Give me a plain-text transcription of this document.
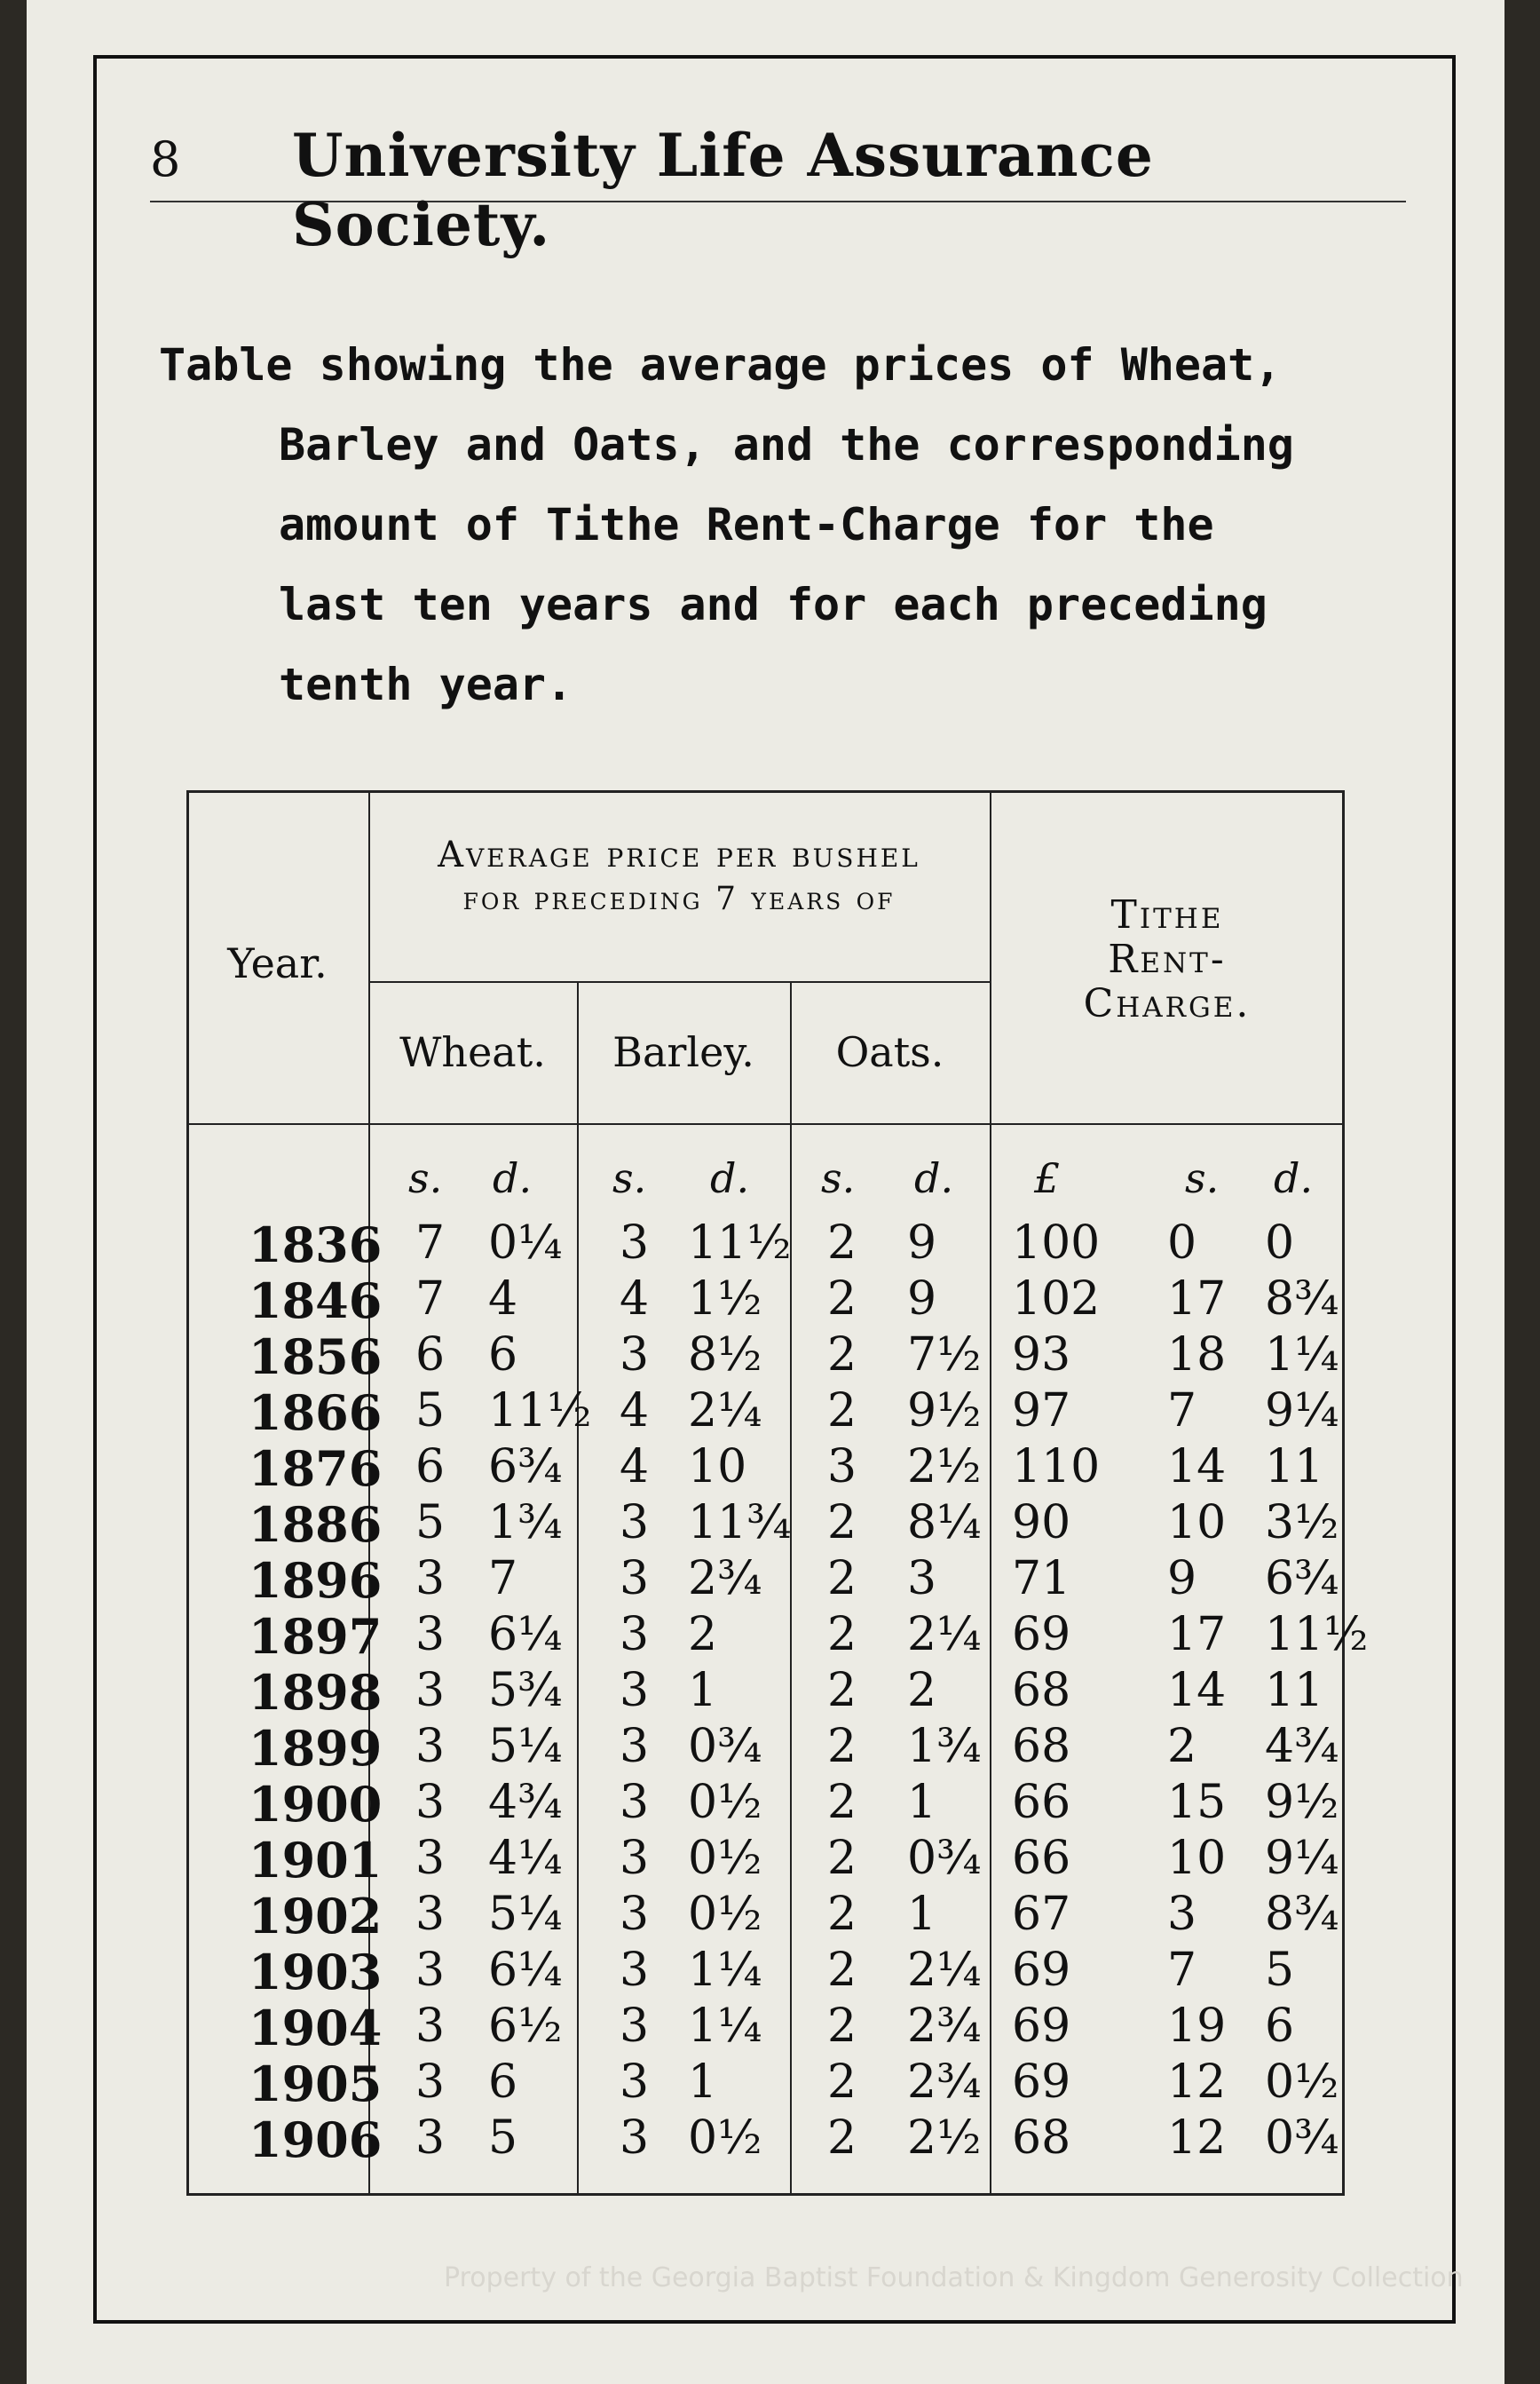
8 University Life Assurance Society.

Table showing the average prices of Wheat, Barley and Oats, and the corresponding amount of Tithe Rent-Charge for the last ten years and for each preceding tenth year.

Year.
Average price per bushel
for preceding 7 years of
Wheat.	Barley.	Oats.
Tithe
Rent-
Charge.
s. d. s. d. s. d. £	s. d.
1836 7 0¼ 3 11½ 2 9 100 0 0
1846 7 4 4 1½ 2 9 102 17 8¾
1856 6 6 3 8½ 2 7½ 93 18 1¼
1866 5 11½ 4 2¼ 2 9½ 97 7 9¼
1876 6 6¾ 4 10 3 2½ 110 14 11
1886 5 1¾ 3 11¾ 2 8¼ 90 10 3½
1896 3 7 3 2¾ 2 3 71 9 6¾
1897 3 6¼ 3 2 2 2¼ 69 17 11½
1898 3 5¾ 3 1 2 2 68 14 11
1899 3 5¼ 3 0¾ 2 1¾ 68 2 4¾
1900 3 4¾ 3 0½ 2 1 66 15 9½
1901 3 4¼ 3 0½ 2 0¾ 66 10 9¼
1902 3 5¼ 3 0½ 2 1 67 3 8¾
1903 3 6¼ 3 1¼ 2 2¼ 69 7 5
1904 3 6½ 3 1¼ 2 2¾ 69 19 6
1905 3 6 3 1 2 2¾ 69 12 0½
1906 3 5 3 0½ 2 2½ 68 12 0¾
Property of the Georgia Baptist Foundation & Kingdom Generosity Collection
